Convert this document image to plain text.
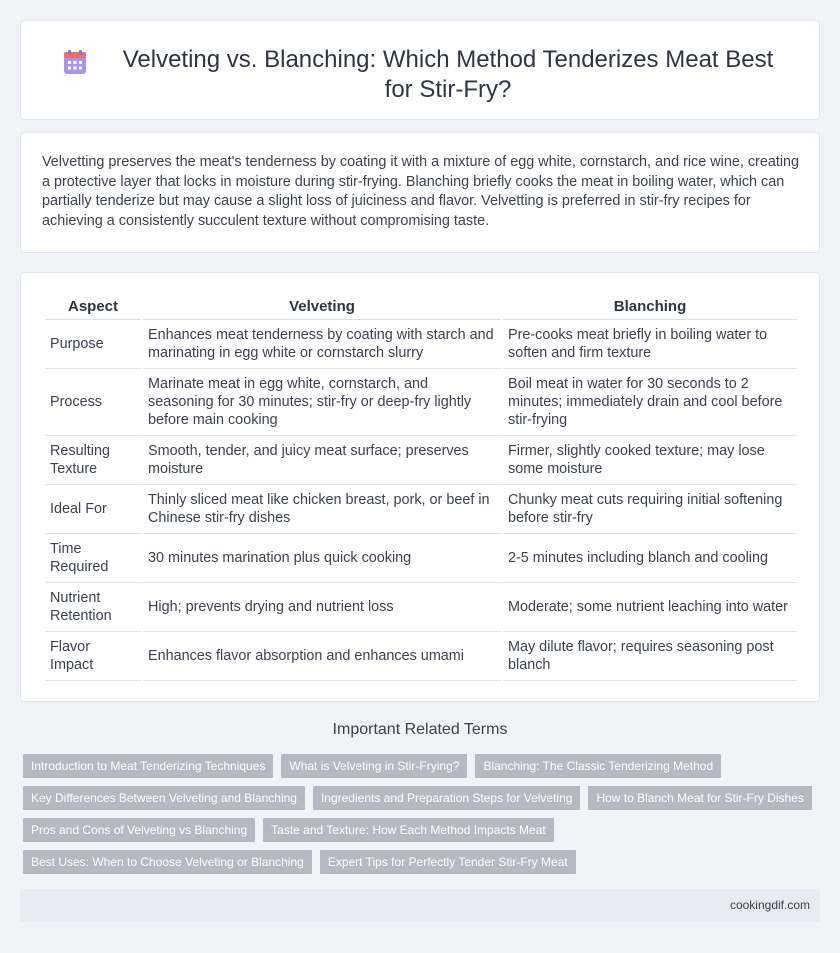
Velveting vs. Blanching: Which Method Tenderizes Meat Best for Stir-Fry?

Velvetting preserves the meat's tenderness by coating it with a mixture of egg white, cornstarch, and rice wine, creating a protective layer that locks in moisture during stir-frying. Blanching briefly cooks the meat in boiling water, which can partially tenderize but may cause a slight loss of juiciness and flavor. Velvetting is preferred in stir-fry recipes for achieving a consistently succulent texture without compromising taste.

Aspect	Velveting	Blanching
Purpose	Enhances meat tenderness by coating with starch and marinating in egg white or cornstarch slurry	Pre-cooks meat briefly in boiling water to soften and firm texture
Process	Marinate meat in egg white, cornstarch, and seasoning for 30 minutes; stir-fry or deep-fry lightly before main cooking	Boil meat in water for 30 seconds to 2 minutes; immediately drain and cool before stir-frying
Resulting Texture	Smooth, tender, and juicy meat surface; preserves moisture	Firmer, slightly cooked texture; may lose some moisture
Ideal For	Thinly sliced meat like chicken breast, pork, or beef in Chinese stir-fry dishes	Chunky meat cuts requiring initial softening before stir-fry
Time Required	30 minutes marination plus quick cooking	2-5 minutes including blanch and cooling
Nutrient Retention	High; prevents drying and nutrient loss	Moderate; some nutrient leaching into water
Flavor Impact	Enhances flavor absorption and enhances umami	May dilute flavor; requires seasoning post blanch
Important Related Terms
Introduction to Meat Tenderizing Techniques	What is Velveting in Stir-Frying?	Blanching: The Classic Tenderizing Method
Key Differences Between Velveting and Blanching	Ingredients and Preparation Steps for Velveting	How to Blanch Meat for Stir-Fry Dishes
Pros and Cons of Velveting vs Blanching	Taste and Texture: How Each Method Impacts Meat
Best Uses: When to Choose Velveting or Blanching	Expert Tips for Perfectly Tender Stir-Fry Meat
cookingdif.com
